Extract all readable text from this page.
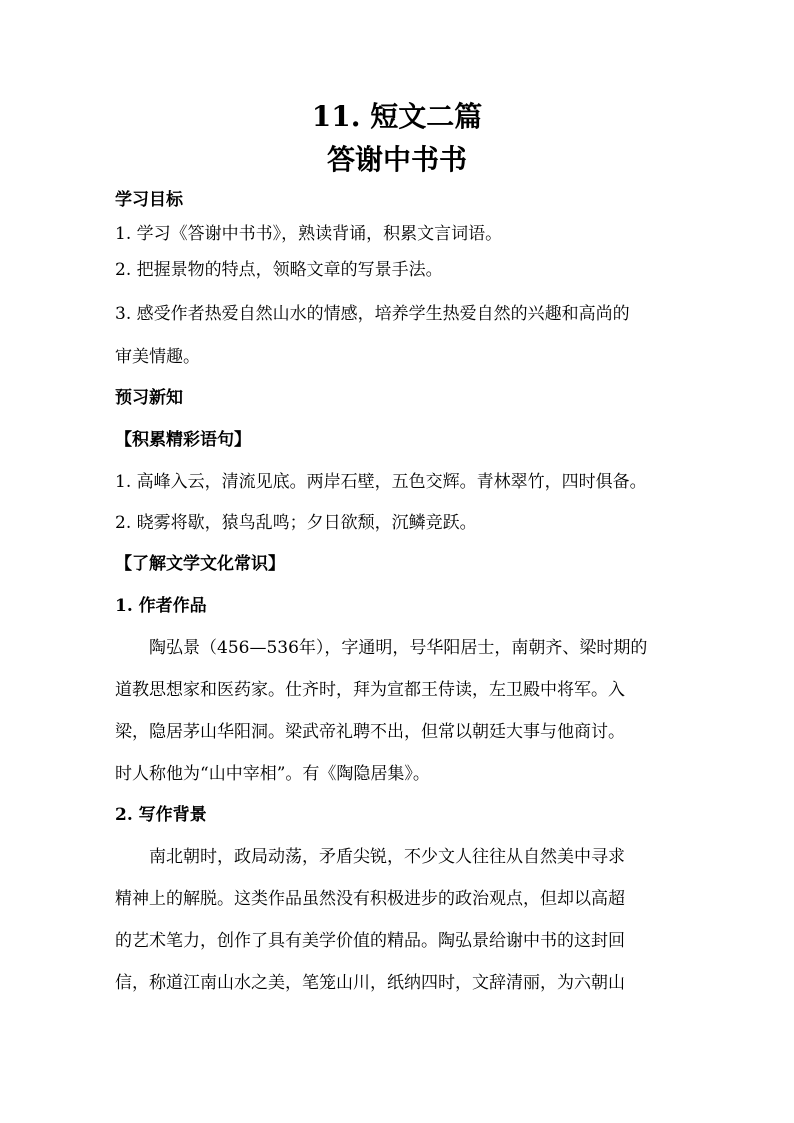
11. 短文二篇
答谢中书书
学习目标
1. 学习《答谢中书书》，熟读背诵，积累文言词语。
2. 把握景物的特点，领略文章的写景手法。
3. 感受作者热爱自然山水的情感，培养学生热爱自然的兴趣和高尚的
审美情趣。
预习新知
【积累精彩语句】
1. 高峰入云，清流见底。两岸石壁，五色交辉。青林翠竹，四时俱备。
2. 晓雾将歇，猿鸟乱鸣；夕日欲颓，沉鳞竞跃。
【了解文学文化常识】
1. 作者作品
陶弘景（456—536年），字通明，号华阳居士，南朝齐、梁时期的
道教思想家和医药家。仕齐时，拜为宣都王侍读，左卫殿中将军。入
梁，隐居茅山华阳洞。梁武帝礼聘不出，但常以朝廷大事与他商讨。
时人称他为“山中宰相”。有《陶隐居集》。
2. 写作背景
南北朝时，政局动荡，矛盾尖锐，不少文人往往从自然美中寻求
精神上的解脱。这类作品虽然没有积极进步的政治观点，但却以高超
的艺术笔力，创作了具有美学价值的精品。陶弘景给谢中书的这封回
信，称道江南山水之美，笔笼山川，纸纳四时，文辞清丽，为六朝山
